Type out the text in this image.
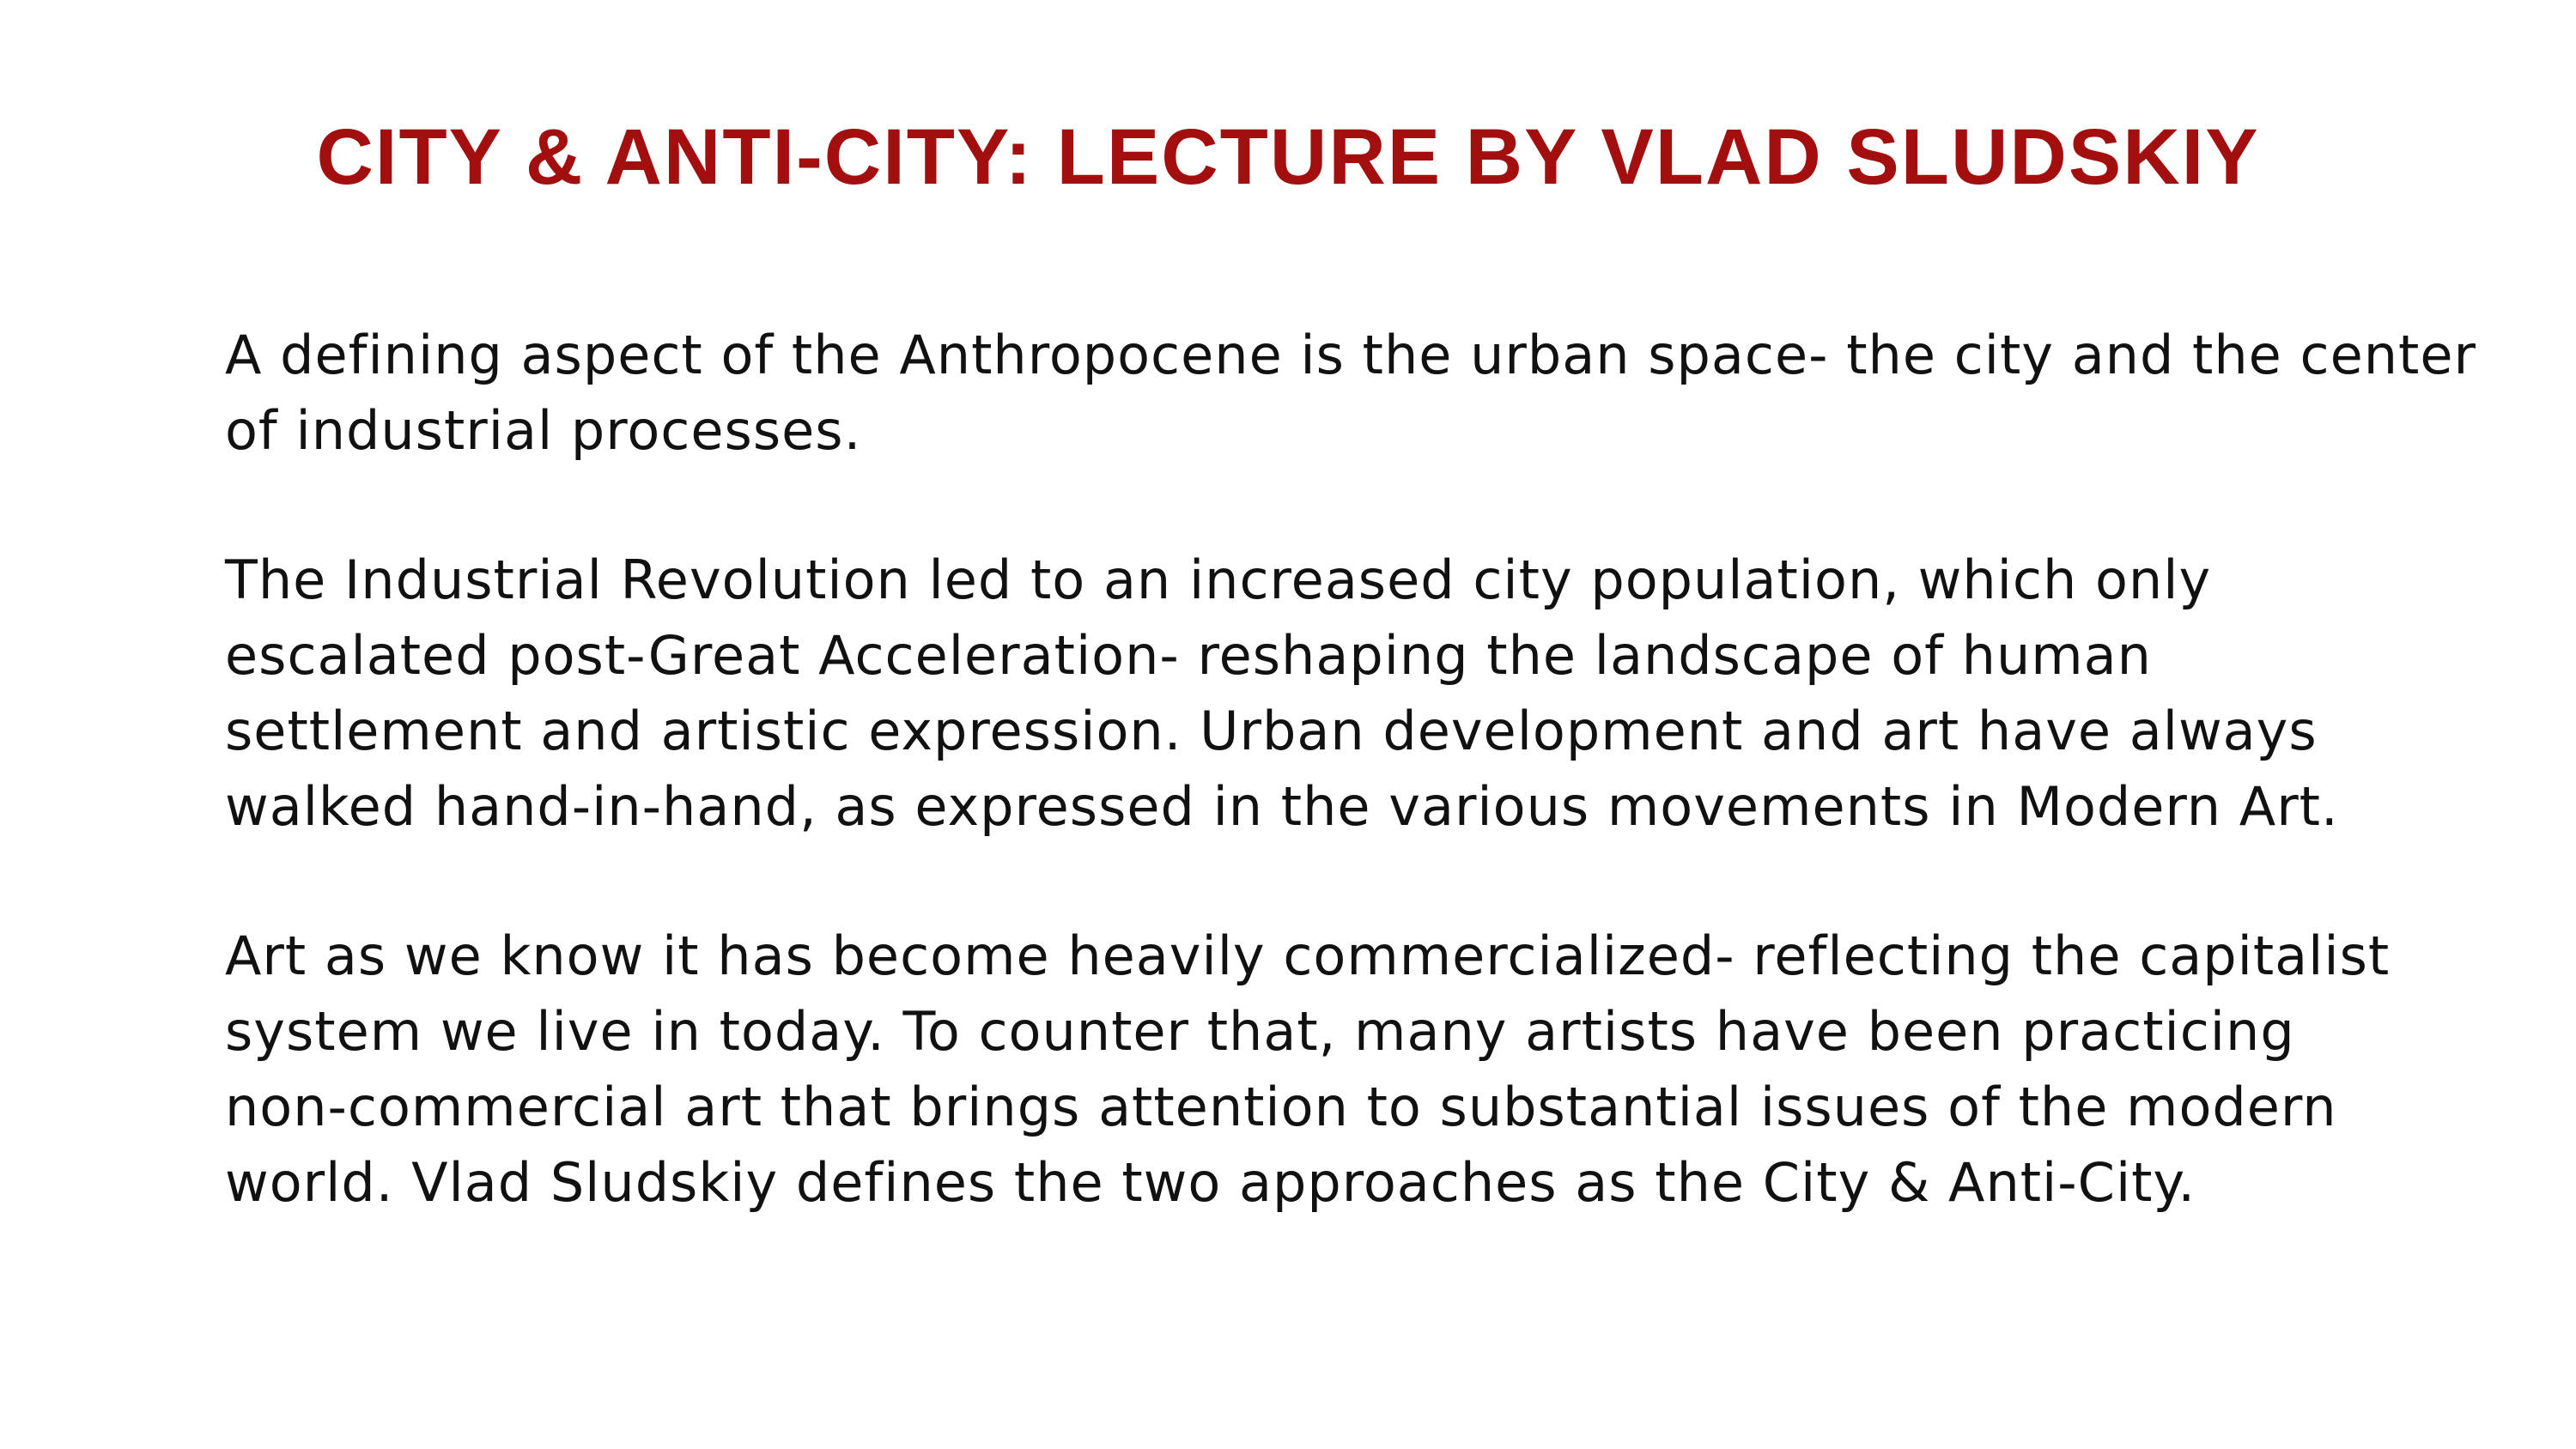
CITY & ANTI-CITY: LECTURE BY VLAD SLUDSKIY

A defining aspect of the Anthropocene is the urban space- the city and the center
of industrial processes.

The Industrial Revolution led to an increased city population, which only
escalated post-Great Acceleration- reshaping the landscape of human
settlement and artistic expression. Urban development and art have always
walked hand-in-hand, as expressed in the various movements in Modern Art.

Art as we know it has become heavily commercialized- reflecting the capitalist
system we live in today. To counter that, many artists have been practicing
non-commercial art that brings attention to substantial issues of the modern
world. Vlad Sludskiy defines the two approaches as the City & Anti-City.
